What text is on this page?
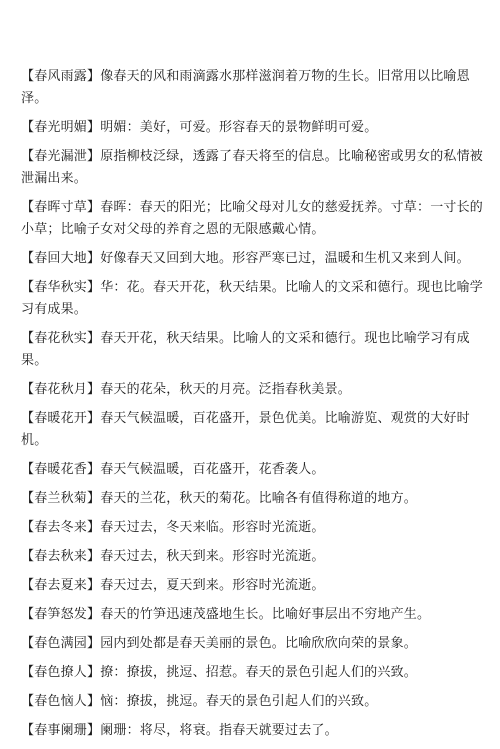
【春风雨露】像春天的风和雨滴露水那样滋润着万物的生长。旧常用以比喻恩泽。

【春光明媚】明媚：美好，可爱。形容春天的景物鲜明可爱。

【春光漏泄】原指柳枝泛绿，透露了春天将至的信息。比喻秘密或男女的私情被泄漏出来。

【春晖寸草】春晖：春天的阳光；比喻父母对儿女的慈爱抚养。寸草：一寸长的小草；比喻子女对父母的养育之恩的无限感戴心情。

【春回大地】好像春天又回到大地。形容严寒已过，温暖和生机又来到人间。

【春华秋实】华：花。春天开花，秋天结果。比喻人的文采和德行。现也比喻学习有成果。

【春花秋实】春天开花，秋天结果。比喻人的文采和德行。现也比喻学习有成果。

【春花秋月】春天的花朵，秋天的月亮。泛指春秋美景。

【春暖花开】春天气候温暖，百花盛开，景色优美。比喻游览、观赏的大好时机。

【春暖花香】春天气候温暖，百花盛开，花香袭人。

【春兰秋菊】春天的兰花，秋天的菊花。比喻各有值得称道的地方。

【春去冬来】春天过去，冬天来临。形容时光流逝。

【春去秋来】春天过去，秋天到来。形容时光流逝。

【春去夏来】春天过去，夏天到来。形容时光流逝。

【春笋怒发】春天的竹笋迅速茂盛地生长。比喻好事层出不穷地产生。

【春色满园】园内到处都是春天美丽的景色。比喻欣欣向荣的景象。

【春色撩人】撩：撩拔，挑逗、招惹。春天的景色引起人们的兴致。

【春色恼人】恼：撩拔，挑逗。春天的景色引起人们的兴致。

【春事阑珊】阑珊：将尽，将衰。指春天就要过去了。
